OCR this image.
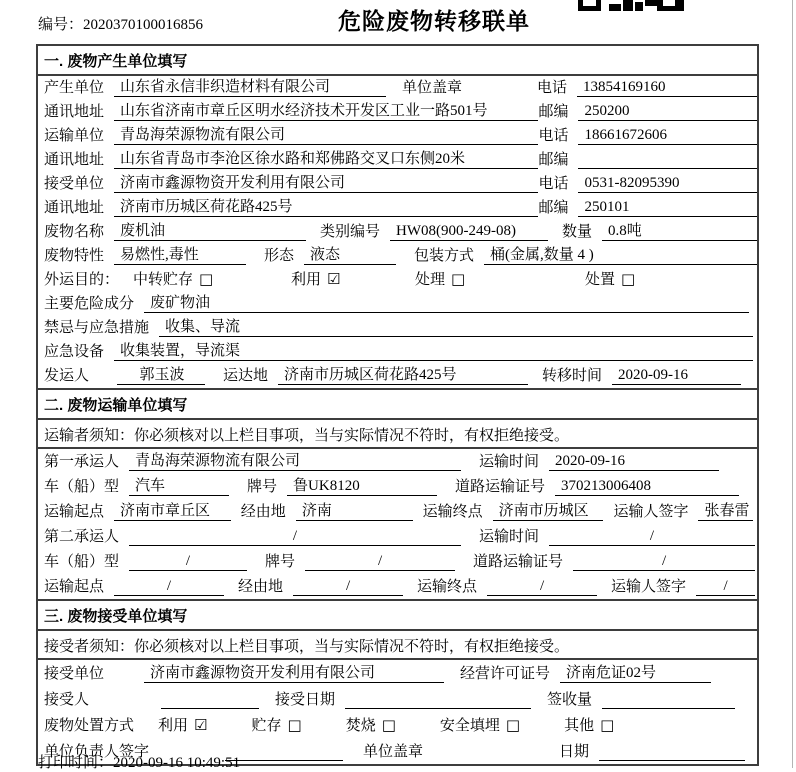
编号：2020370100016856	危险废物转移联单
一. 废物产生单位填写
产生单位	山东省永信非织造材料有限公司	单位盖章	电话	13854169160
通讯地址	山东省济南市章丘区明水经济技术开发区工业一路501号	邮编	250200
运输单位	青岛海荣源物流有限公司	电话	18661672606
通讯地址	山东省青岛市李沧区徐水路和郑佛路交叉口东侧20米	邮编
接受单位	济南市鑫源物资开发利用有限公司	电话	0531-82095390
通讯地址	济南市历城区荷花路425号	邮编	250101
废物名称	废机油	类别编号	HW08(900-249-08)	数量	0.8吨
废物特性	易燃性,毒性	形态	液态	包装方式	桶(金属,数量 4 )
外运目的： 中转贮存 □	利用 ☑	处理 □	处置 □
主要危险成分	废矿物油
禁忌与应急措施	收集、导流
应急设备	收集装置，导流渠
发运人	郭玉波	运达地	济南市历城区荷花路425号	转移时间	2020-09-16
二. 废物运输单位填写
运输者须知：你必须核对以上栏目事项，当与实际情况不符时，有权拒绝接受。
第一承运人	青岛海荣源物流有限公司	运输时间	2020-09-16
车（船）型	汽车	牌号	鲁UK8120	道路运输证号	370213006408
运输起点	济南市章丘区	经由地	济南	运输终点	济南市历城区	运输人签字	张春雷
第二承运人	/	运输时间	/
车（船）型	/	牌号	/	道路运输证号	/
运输起点	/	经由地	/	运输终点	/	运输人签字	/
三. 废物接受单位填写
接受者须知：你必须核对以上栏目事项，当与实际情况不符时，有权拒绝接受。
接受单位	济南市鑫源物资开发利用有限公司	经营许可证号	济南危证02号
接受人	接受日期	签收量
废物处置方式	利用 ☑	贮存 □	焚烧 □	安全填埋 □	其他 □
单位负责人签字	单位盖章	日期
打印时间：2020-09-16 10:49:51
